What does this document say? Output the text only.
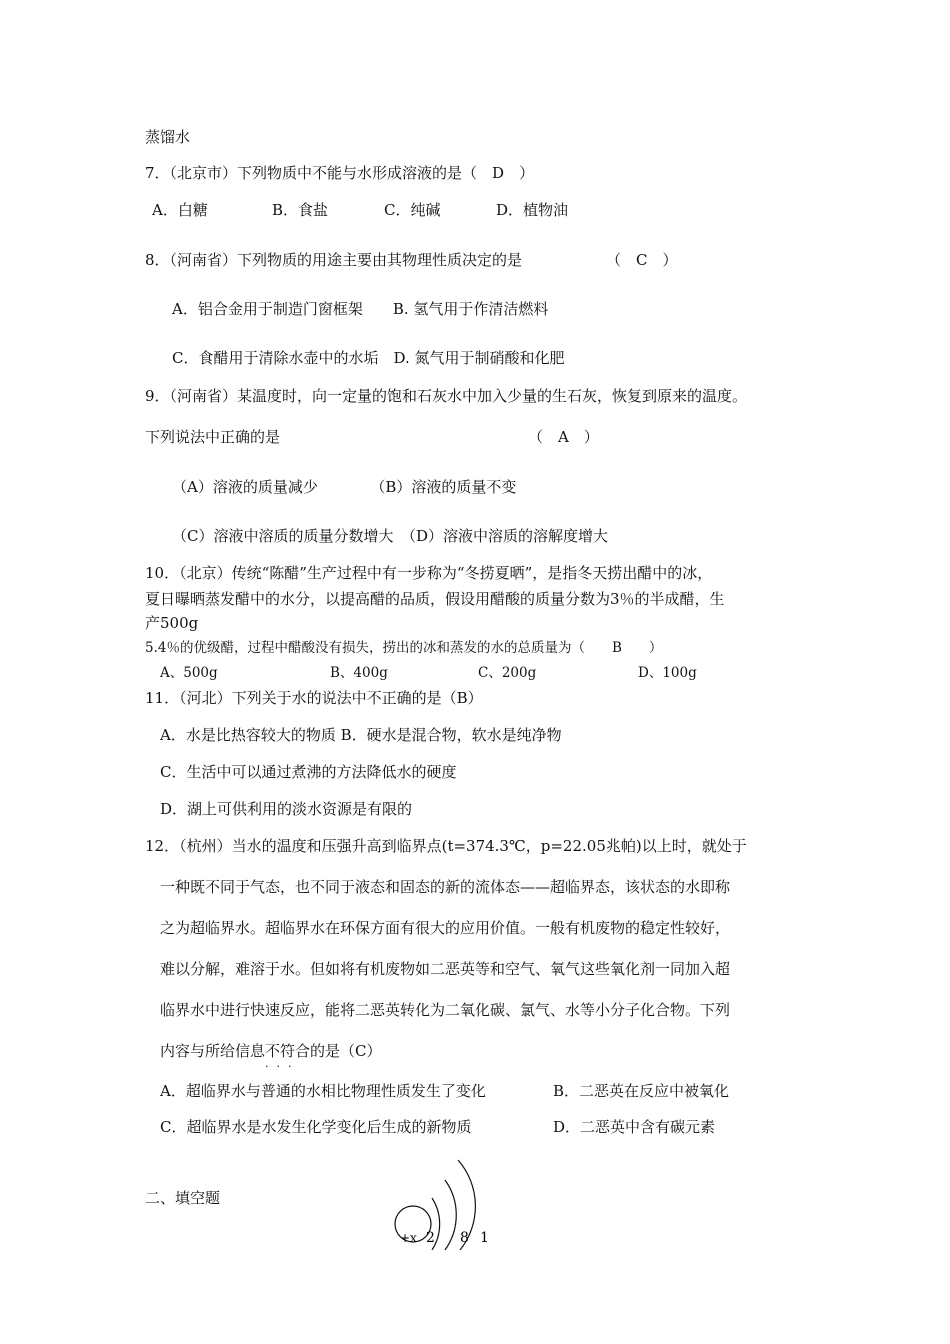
蒸馏水
7．（北京市）下列物质中不能与水形成溶液的是（　D　）
A．白糖	B．食盐	C．纯碱	D．植物油
8．（河南省）下列物质的用途主要由其物理性质决定的是	（　C　）
A．铝合金用于制造门窗框架　　B. 氢气用于作清洁燃料
C．食醋用于清除水壶中的水垢　D. 氮气用于制硝酸和化肥
9．（河南省）某温度时，向一定量的饱和石灰水中加入少量的生石灰，恢复到原来的温度。
下列说法中正确的是	（　A　）
（A）溶液的质量减少　　　　（B）溶液的质量不变
（C）溶液中溶质的质量分数增大　（D）溶液中溶质的溶解度增大
10．（北京）传统“陈醋”生产过程中有一步称为“冬捞夏晒”，是指冬天捞出醋中的冰，
夏日曝晒蒸发醋中的水分，以提高醋的品质，假设用醋酸的质量分数为3％的半成醋，生
产500g
5.4％的优级醋，过程中醋酸没有损失，捞出的冰和蒸发的水的总质量为（　　B　　）
A、500g	B、400g	C、200g	D、100g
11．（河北）下列关于水的说法中不正确的是（B）
A．水是比热容较大的物质 B．硬水是混合物，软水是纯净物
C．生活中可以通过煮沸的方法降低水的硬度
D．湖上可供利用的淡水资源是有限的
12．（杭州）当水的温度和压强升高到临界点(t=374.3℃，p=22.05兆帕)以上时，就处于
一种既不同于气态，也不同于液态和固态的新的流体态——超临界态，该状态的水即称
之为超临界水。超临界水在环保方面有很大的应用价值。一般有机废物的稳定性较好，
难以分解，难溶于水。但如将有机废物如二恶英等和空气、氧气这些氧化剂一同加入超
临界水中进行快速反应，能将二恶英转化为二氧化碳、氯气、水等小分子化合物。下列
内容与所给信息不符合
···
的是（C）
A．超临界水与普通的水相比物理性质发生了变化	B．二恶英在反应中被氧化
C．超临界水是水发生化学变化后生成的新物质	D．二恶英中含有碳元素
二、填空题
+x 2 8 1
